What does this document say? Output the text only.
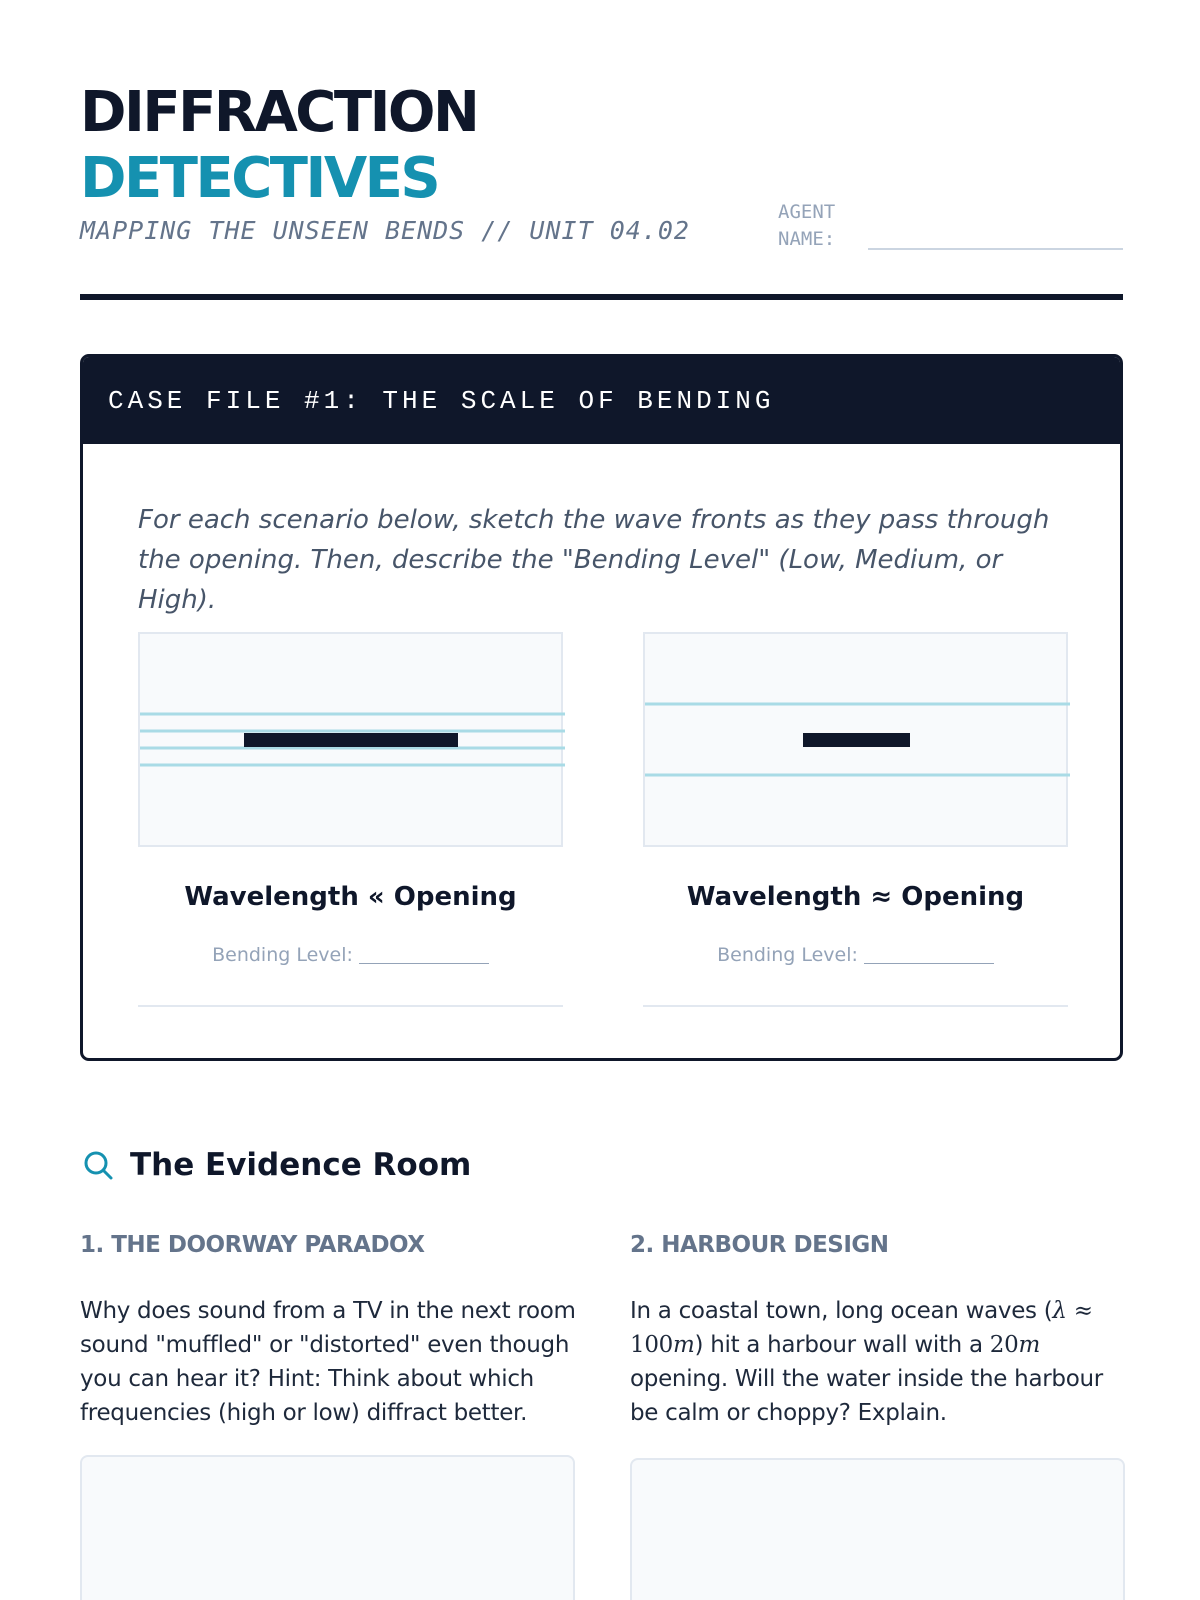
DIFFRACTION
DETECTIVES
MAPPING THE UNSEEN BENDS // UNIT 04.02
AGENT
NAME:
CASE FILE #1: THE SCALE OF BENDING

For each scenario below, sketch the wave fronts as they pass through the opening. Then, describe the "Bending Level" (Low, Medium, or High).

Wavelength « Opening
Bending Level:
Wavelength ≈ Opening
Bending Level:
The Evidence Room
1. THE DOORWAY PARADOX

Why does sound from a TV in the next room sound "muffled" or "distorted" even though you can hear it? Hint: Think about which frequencies (high or low) diffract better.

2. HARBOUR DESIGN

In a coastal town, long ocean waves (λ ≈ 100m) hit a harbour wall with a 20m opening. Will the water inside the harbour be calm or choppy? Explain.
